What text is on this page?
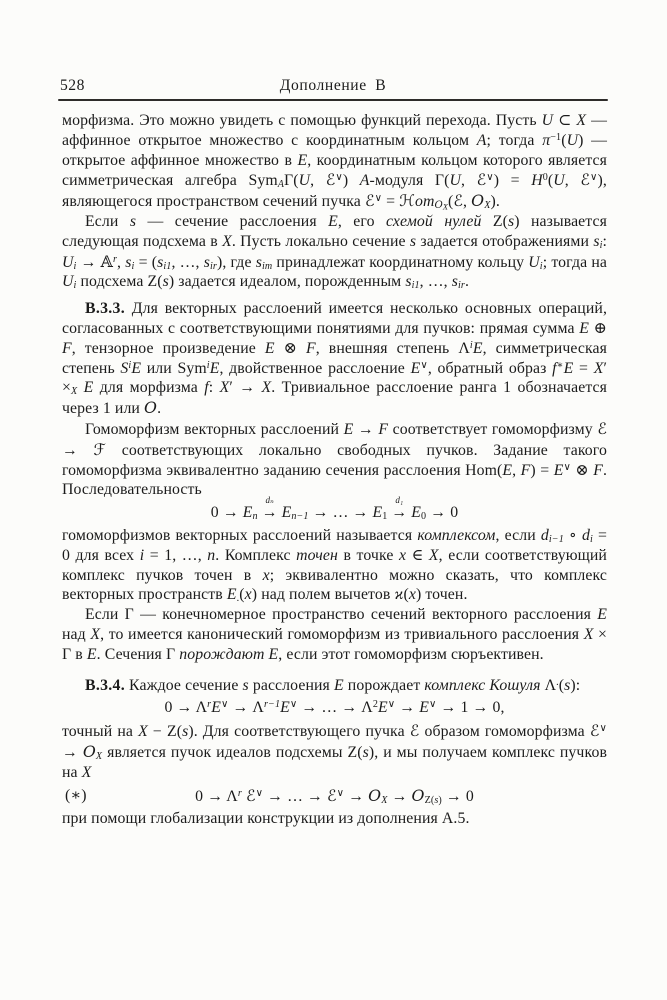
528	Дополнение В
морфизма. Это можно увидеть с помощью функций перехода. Пусть U ⊂ X — аффинное открытое множество с координатным кольцом A; тогда $\pi^{-1}(U)$ — открытое аффинное множество в E, координатным кольцом которого является симметрическая алгебра SymAΓ(U, ℰ∨) A-модуля Γ(U, ℰ∨) = $H^0(U$, ℰ∨), являющегося пространством сечений пучка ℰ∨ = ℋomO$_X$(ℰ, OX).
Если s — сечение расслоения E, его схемой нулей Z(s) называется следующая подсхема в X. Пусть локально сечение s задается отображениями si: Ui → 𝔸$^r$, si = (si1, …, sir), где sim принадлежат координатному кольцу Ui; тогда на Ui подсхема Z(s) задается идеалом, порожденным si1, …, sir.
В.3.3. Для векторных расслоений имеется несколько основных операций, согласованных с соответствующими понятиями для пучков: прямая сумма E ⊕ F, тензорное произведение E ⊗ F, внешняя степень $\Lambda^iE$, симметрическая степень $S^iE$ или Sym$^i$E, двойственное расслоение E∨, обратный образ f∗E = X′ ×X E для морфизма f: X′ → X. Тривиальное расслоение ранга 1 обозначается через 1 или O.
Гомоморфизм векторных расслоений E → F соответствует гомоморфизму ℰ → ℱ соответствующих локально свободных пучков. Задание такого гомоморфизма эквивалентно заданию сечения расслоения Hom(E, F) = E∨ ⊗ F. Последовательность
0 → En
dₙ
→ En−1 → … → E1
d₁
→ E0 → 0
гомоморфизмов векторных расслоений называется комплексом, если di−1 ∘ di = 0 для всех i = 1, …, n. Комплекс точен в точке x ∈ X, если соответствующий комплекс пучков точен в x; эквивалентно можно сказать, что комплекс векторных пространств E.(x) над полем вычетов ϰ(x) точен.
Если Γ — конечномерное пространство сечений векторного расслоения E над X, то имеется канонический гомоморфизм из тривиального расслоения X × Γ в E. Сечения Γ порождают E, если этот гомоморфизм сюръективен.
В.3.4. Каждое сечение s расслоения E порождает комплекс Кошуля Λ.(s):
$0 \to \Lambda^rE^\vee \to \Lambda^{r-1}E^\vee$ → … → $\Lambda^2E^\vee \to E^\vee \to 1 \to 0$,
точный на X − Z(s). Для соответствующего пучка ℰ образом гомоморфизма ℰ∨ → OX является пучок идеалов подсхемы Z(s), и мы получаем комплекс пучков на X
(∗)	$0 \to \Lambda^r$ ℰ∨ → … → ℰ∨ → OX → OZ(s) → 0
при помощи глобализации конструкции из дополнения А.5.
